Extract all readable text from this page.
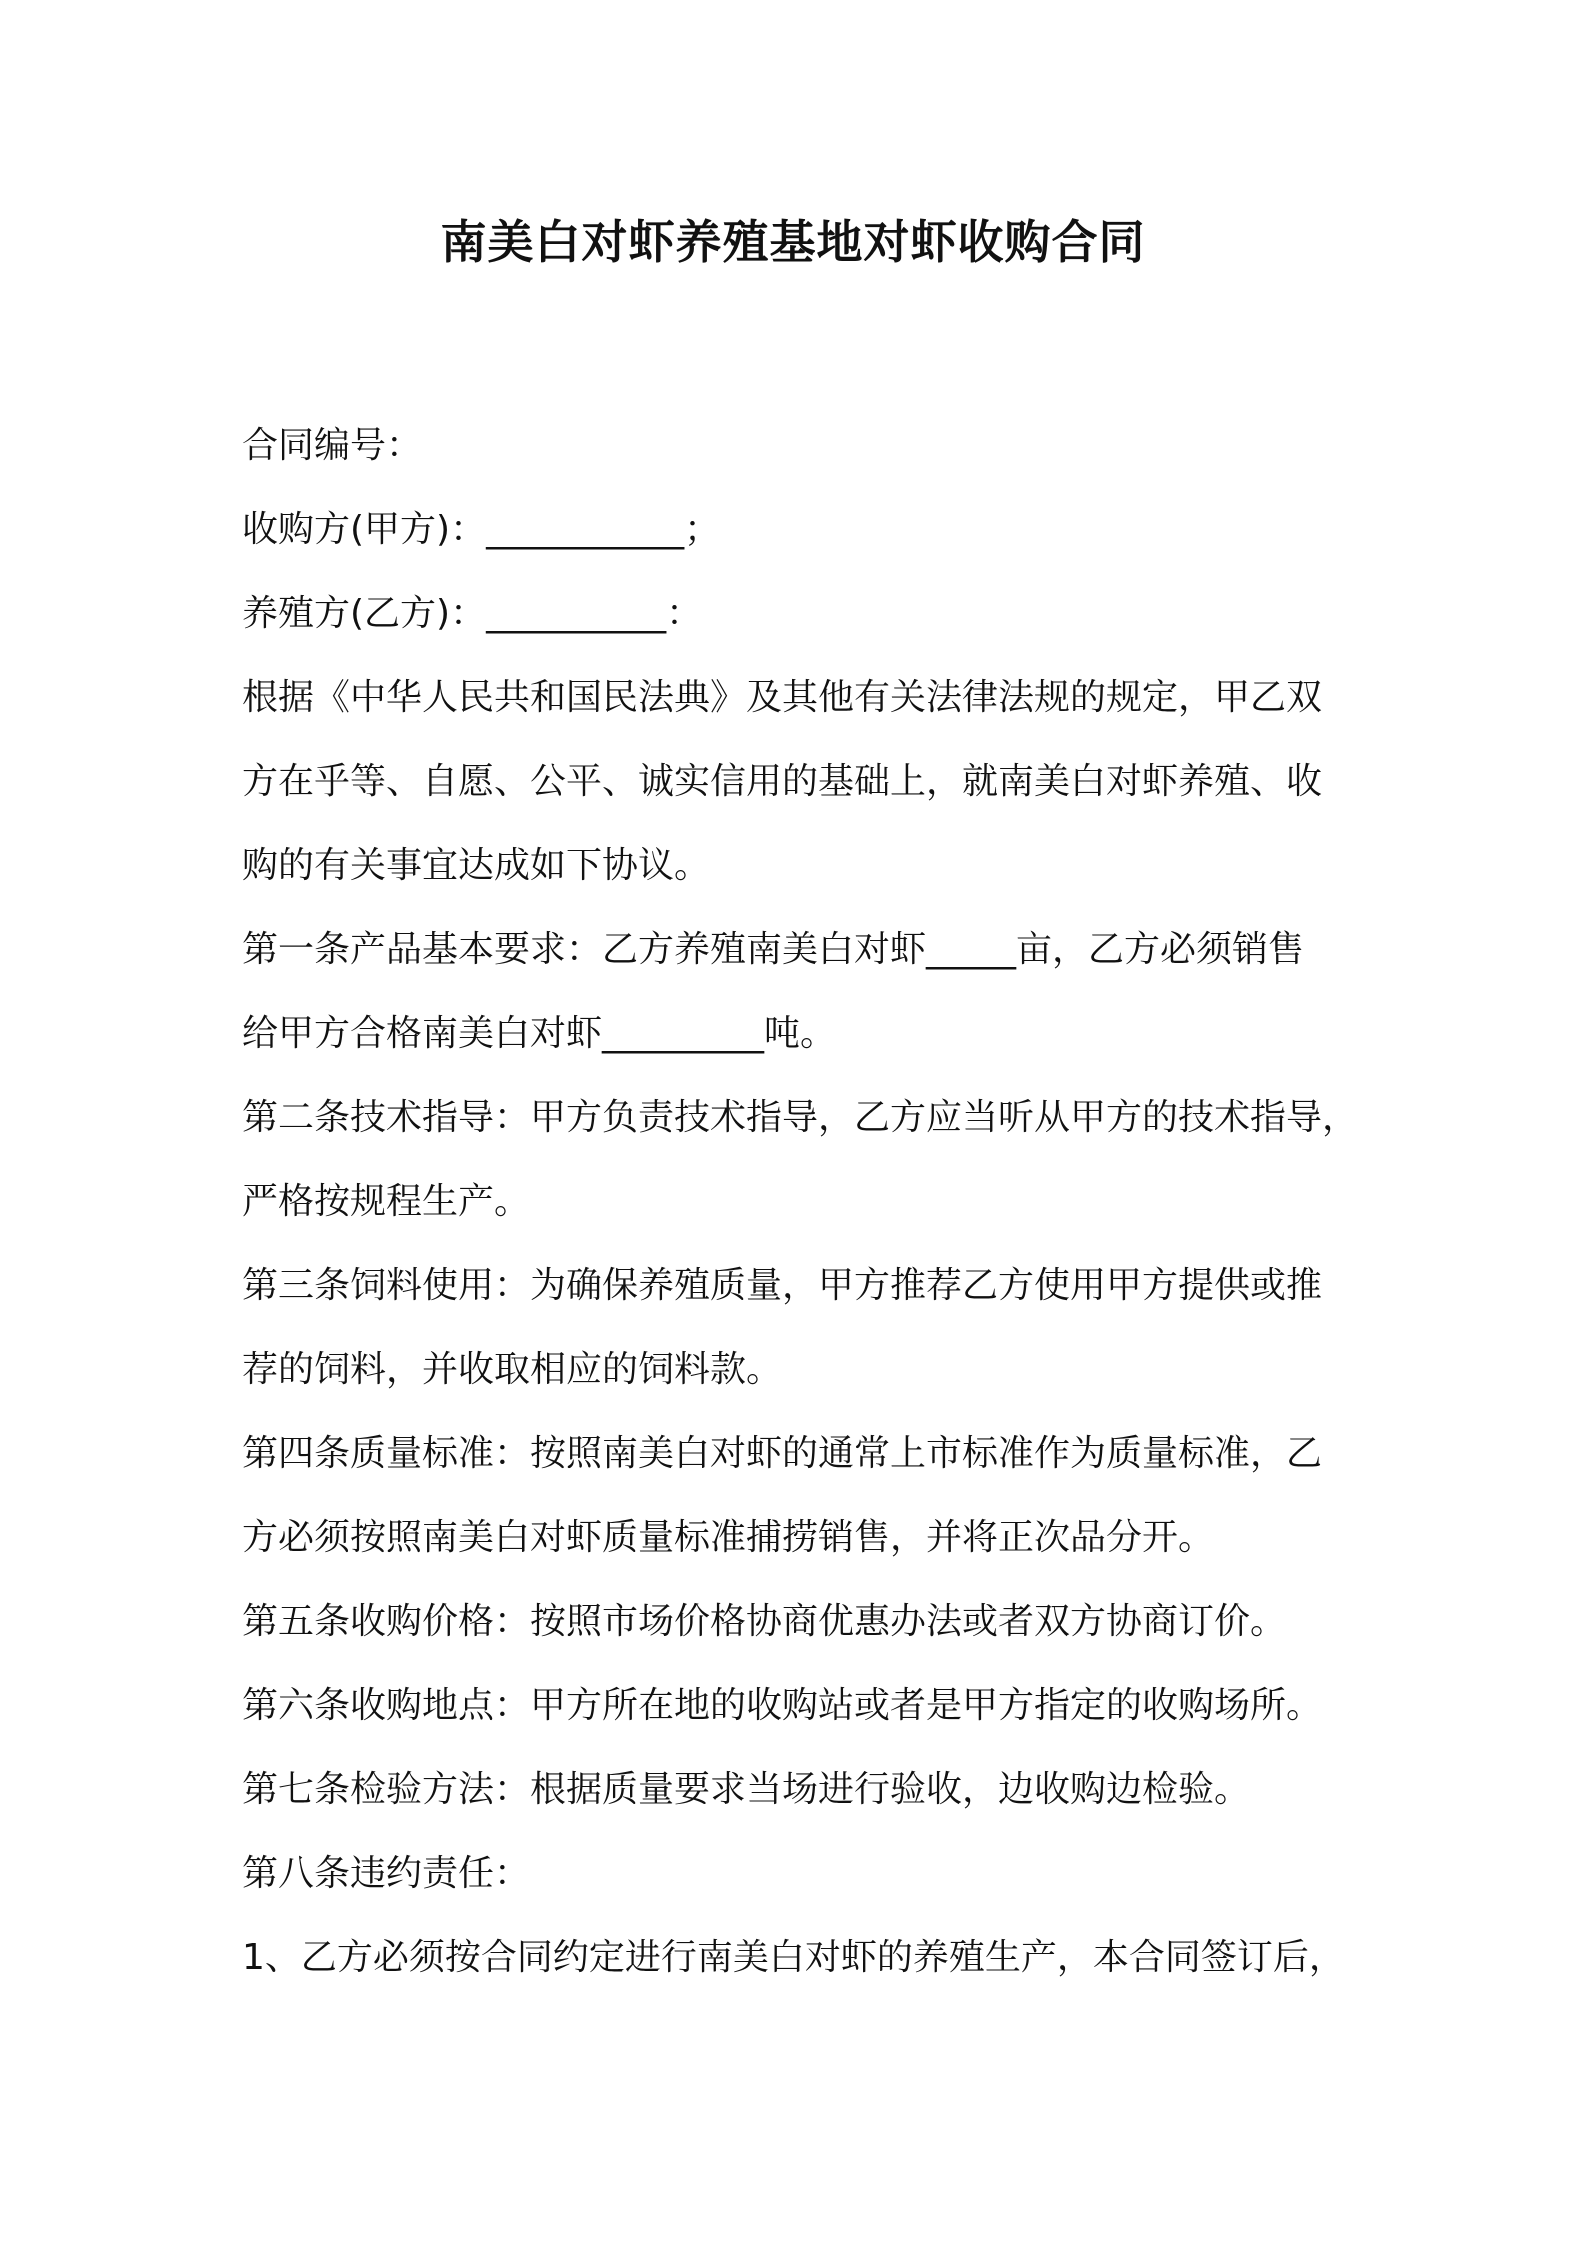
南美白对虾养殖基地对虾收购合同
合同编号：
收购方(甲方)：___________；
养殖方(乙方)：__________：
根据《中华人民共和国民法典》及其他有关法律法规的规定，甲乙双
方在乎等、自愿、公平、诚实信用的基础上，就南美白对虾养殖、收
购的有关事宜达成如下协议。
第一条产品基本要求：乙方养殖南美白对虾_____亩，乙方必须销售
给甲方合格南美白对虾_________吨。
第二条技术指导：甲方负责技术指导，乙方应当听从甲方的技术指导，
严格按规程生产。
第三条饲料使用：为确保养殖质量，甲方推荐乙方使用甲方提供或推
荐的饲料，并收取相应的饲料款。
第四条质量标准：按照南美白对虾的通常上市标准作为质量标准，乙
方必须按照南美白对虾质量标准捕捞销售，并将正次品分开。
第五条收购价格：按照市场价格协商优惠办法或者双方协商订价。
第六条收购地点：甲方所在地的收购站或者是甲方指定的收购场所。
第七条检验方法：根据质量要求当场进行验收，边收购边检验。
第八条违约责任：
1、乙方必须按合同约定进行南美白对虾的养殖生产，本合同签订后，
